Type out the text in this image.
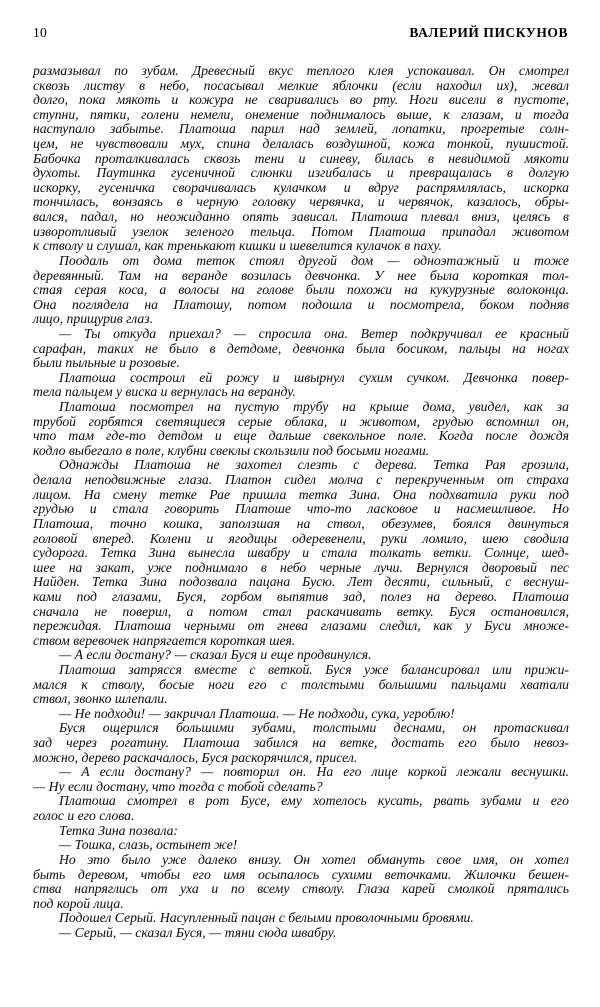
10	ВАЛЕРИЙ ПИСКУНОВ
размазывал по зубам. Древесный вкус теплого клея успокаивал. Он смотрел
сквозь листву в небо, посасывал мелкие яблочки (если находил их), жевал
долго, пока мякоть и кожура не сваривались во рту. Ноги висели в пустоте,
ступни, пятки, голени немели, онемение поднималось выше, к глазам, и тогда
наступало забытье. Платоша парил над землей, лопатки, прогретые солн-
цем, не чувствовали мух, спина делалась воздушной, кожа тонкой, пушистой.
Бабочка проталкивалась сквозь тени и синеву, билась в невидимой мякоти
духоты. Паутинка гусеничной слюнки изгибалась и превращалась в долгую
искорку, гусеничка сворачивалась кулачком и вдруг распрямлялась, искорка
тончилась, вонзаясь в черную головку червячка, и червячок, казалось, обры-
вался, падал, но неожиданно опять зависал. Платоша плевал вниз, целясь в
изворотливый узелок зеленого тельца. Потом Платоша припадал животом
к стволу и слушал, как тренькают кишки и шевелится кулачок в паху.
Поодаль от дома теток стоял другой дом — одноэтажный и тоже
деревянный. Там на веранде возилась девчонка. У нее была короткая тол-
стая серая коса, а волосы на голове были похожи на кукурузные волоконца.
Она поглядела на Платошу, потом подошла и посмотрела, боком подняв
лицо, прищурив глаз.
— Ты откуда приехал? — спросила она. Ветер подкручивал ее красный
сарафан, таких не было в детдоме, девчонка была босиком, пальцы на ногах
были пыльные и розовые.
Платоша состроил ей рожу и швырнул сухим сучком. Девчонка повер-
тела пальцем у виска и вернулась на веранду.
Платоша посмотрел на пустую трубу на крыше дома, увидел, как за
трубой горбятся светящиеся серые облака, и животом, грудью вспомнил он,
что там где-то детдом и еще дальше свекольное поле. Когда после дождя
кодло выбегало в поле, клубни свеклы скользили под босыми ногами.
Однажды Платоша не захотел слезть с дерева. Тетка Рая грозила,
делала неподвижные глаза. Платон сидел молча с перекрученным от страха
лицом. На смену тетке Рае пришла тетка Зина. Она подхватила руки под
грудью и стала говорить Платоше что-то ласковое и насмешливое. Но
Платоша, точно кошка, заползшая на ствол, обезумев, боялся двинуться
головой вперед. Колени и ягодицы одеревенели, руки ломило, шею сводила
судорога. Тетка Зина вынесла швабру и стала толкать ветки. Солнце, шед-
шее на закат, уже поднимало в небо черные лучи. Вернулся дворовый пес
Найден. Тетка Зина подозвала пацана Бусю. Лет десяти, сильный, с веснуш-
ками под глазами, Буся, горбом выпятив зад, полез на дерево. Платоша
сначала не поверил, а потом стал раскачивать ветку. Буся остановился,
пережидая. Платоша черными от гнева глазами следил, как у Буси множе-
ством веревочек напрягается короткая шея.
— А если достану? — сказал Буся и еще продвинулся.
Платоша затрясся вместе с веткой. Буся уже балансировал или прижи-
мался к стволу, босые ноги его с толстыми большими пальцами хватали
ствол, звонко шлепали.
— Не подходи! — закричал Платоша. — Не подходи, сука, угроблю!
Буся ощерился большими зубами, толстыми деснами, он протаскивал
зад через рогатину. Платоша забился на ветке, достать его было невоз-
можно, дерево раскачалось, Буся раскорячился, присел.
— А если достану? — повторил он. На его лице коркой лежали веснушки.
— Ну если достану, что тогда с тобой сделать?
Платоша смотрел в рот Бусе, ему хотелось кусать, рвать зубами и его
голос и его слова.
Тетка Зина позвала:
— Тошка, слазь, остынет же!
Но это было уже далеко внизу. Он хотел обмануть свое имя, он хотел
быть деревом, чтобы его имя осыпалось сухими веточками. Жилочки бешен-
ства напряглись от уха и по всему стволу. Глаза карей смолкой прятались
под корой лица.
Подошел Серый. Насупленный пацан с белыми проволочными бровями.
— Серый, — сказал Буся, — тяни сюда швабру.
